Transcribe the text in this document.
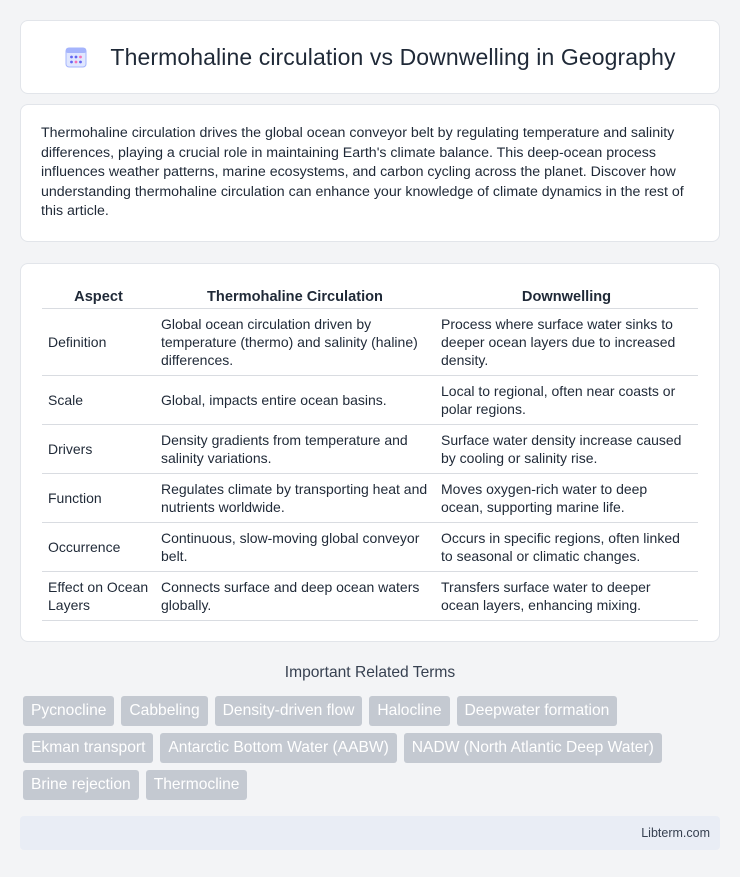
Thermohaline circulation vs Downwelling in Geography

Thermohaline circulation drives the global ocean conveyor belt by regulating temperature and salinity differences, playing a crucial role in maintaining Earth's climate balance. This deep-ocean process influences weather patterns, marine ecosystems, and carbon cycling across the planet. Discover how understanding thermohaline circulation can enhance your knowledge of climate dynamics in the rest of this article.

Aspect	Thermohaline Circulation	Downwelling
Definition	Global ocean circulation driven by temperature (thermo) and salinity (haline) differences.	Process where surface water sinks to deeper ocean layers due to increased density.
Scale	Global, impacts entire ocean basins.	Local to regional, often near coasts or polar regions.
Drivers	Density gradients from temperature and salinity variations.	Surface water density increase caused by cooling or salinity rise.
Function	Regulates climate by transporting heat and nutrients worldwide.	Moves oxygen-rich water to deep ocean, supporting marine life.
Occurrence	Continuous, slow-moving global conveyor belt.	Occurs in specific regions, often linked to seasonal or climatic changes.
Effect on Ocean Layers	Connects surface and deep ocean waters globally.	Transfers surface water to deeper ocean layers, enhancing mixing.
Important Related Terms
Pycnocline	Cabbeling	Density-driven flow	Halocline	Deepwater formation
Ekman transport	Antarctic Bottom Water (AABW)	NADW (North Atlantic Deep Water)
Brine rejection	Thermocline
Libterm.com
